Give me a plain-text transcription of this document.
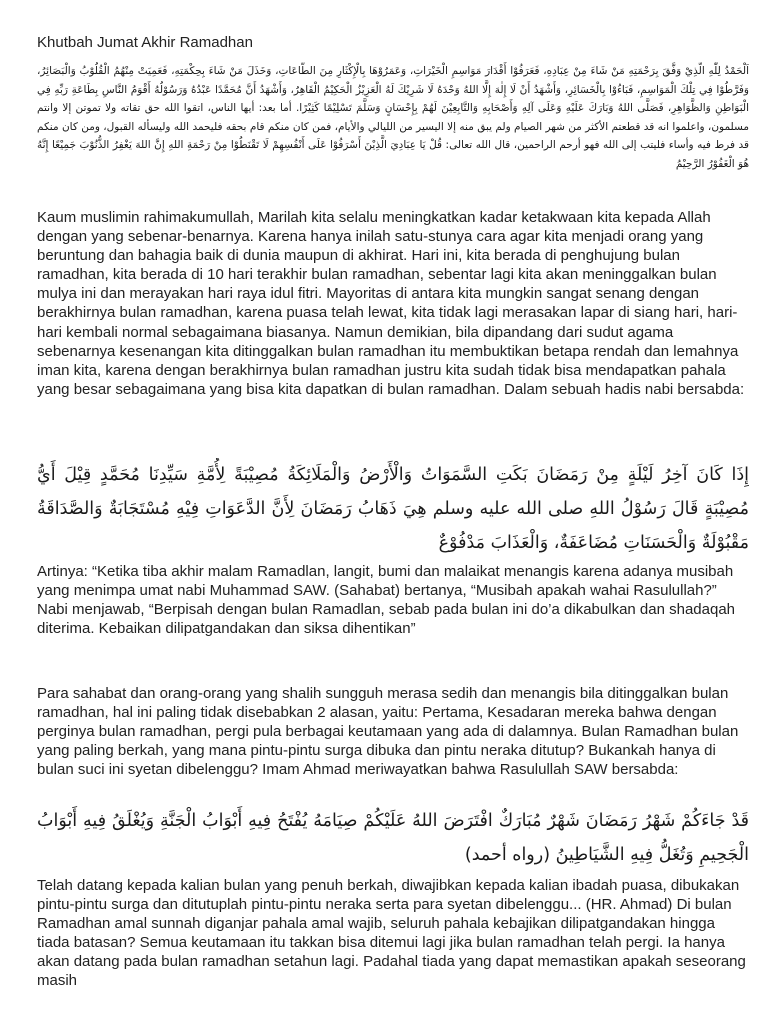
Khutbah Jumat Akhir Ramadhan
اَلْحَمْدُ لِلّٰهِ الَّذِيْ وَفَّقَ بِرَحْمَتِهِ مَنْ شَاءَ مِنْ عِبَادِهِ، فَعَرَفُوْا أَقْدَارَ مَوَاسِمِ الْخَيْرَاتِ، وَعَمَرُوْهَا بِالْإِكْثَارِ مِنَ الطَّاعَاتِ، وَخَذَلَ مَنْ شَاءَ بِحِكْمَتِهِ، فَعَمِيَتْ مِنْهُمُ الْقُلُوْبُ وَالْبَصَائِرُ، وَفَرَّطُوْا فِي تِلْكَ الْمَوَاسِمِ، فَبَاءُوْا بِالْخَسَائِرِ، وَأَشْهَدُ أَنْ لَا إِلٰهَ إِلَّا اللهُ وَحْدَهُ لَا شَرِيْكَ لَهُ الْعَزِيْزُ الْحَكِيْمُ الْقَاهِرُ، وَأَشْهَدُ أَنَّ مُحَمَّدًا عَبْدُهُ وَرَسُوْلُهُ أَقْوَمُ النَّاسِ بِطَاعَةِ رَبِّهِ فِي الْبَوَاطِنِ وَالظَّوَاهِرِ، فَصَلَّى اللهُ وَبَارَكَ عَلَيْهِ وَعَلَى آلِهِ وَأَصْحَابِهِ وَالتَّابِعِيْنَ لَهُمْ بِإِحْسَانٍ وَسَلَّمَ تَسْلِيْمًا كَثِيْرًا. أما بعد: أيها الناس، اتقوا الله حق تقاته ولا تموتن إلا وانتم مسلمون، واعلموا انه قد قطعتم الأكثر من شهر الصيام ولم يبق منه إلا اليسير من الليالي والأيام، فمن كان منكم قام بحقه فليحمد الله وليسأله القبول، ومن كان منكم قد فرط فيه وأساء فليتب إلى الله فهو أرحم الراحمين، قال الله تعالى: قُلْ يَا عِبَادِيَ الَّذِيْنَ أَسْرَفُوْا عَلَى أَنْفُسِهِمْ لَا تَقْنَطُوْا مِنْ رَحْمَةِ اللهِ إِنَّ اللهَ يَغْفِرُ الذُّنُوْبَ جَمِيْعًا إِنَّهُ هُوَ الْغَفُوْرُ الرَّحِيْمُ

Kaum muslimin rahimakumullah, Marilah kita selalu meningkatkan kadar ketakwaan kita kepada Allah dengan yang sebenar-benarnya. Karena hanya inilah satu-stunya cara agar kita menjadi orang yang beruntung dan bahagia baik di dunia maupun di akhirat. Hari ini, kita berada di penghujung bulan ramadhan, kita berada di 10 hari terakhir bulan ramadhan, sebentar lagi kita akan meninggalkan bulan mulya ini dan merayakan hari raya idul fitri. Mayoritas di antara kita mungkin sangat senang dengan berakhirnya bulan ramadhan, karena puasa telah lewat, kita tidak lagi merasakan lapar di siang hari, hari-hari kembali normal sebagaimana biasanya. Namun demikian, bila dipandang dari sudut agama sebenarnya kesenangan kita ditinggalkan bulan ramadhan itu membuktikan betapa rendah dan lemahnya iman kita, karena dengan berakhirnya bulan ramadhan justru kita sudah tidak bisa mendapatkan pahala yang besar sebagaimana yang bisa kita dapatkan di bulan ramadhan. Dalam sebuah hadis nabi bersabda:

إِذَا كَانَ آخِرُ لَيْلَةٍ مِنْ رَمَضَانَ بَكَتِ السَّمَوَاتُ وَالْأَرْضُ وَالْمَلَائِكَةُ مُصِيْبَةً لِأُمَّةِ سَيِّدِنَا مُحَمَّدٍ قِيْلَ أَيُّ مُصِيْبَةٍ قَالَ رَسُوْلُ اللهِ صلى الله عليه وسلم هِيَ ذَهَابُ رَمَضَانَ لِأَنَّ الدَّعَوَاتِ فِيْهِ مُسْتَجَابَةٌ وَالصَّدَاقَةُ مَقْبُوْلَةٌ وَالْحَسَنَاتِ مُضَاعَفَةٌ، وَالْعَذَابَ مَدْفُوْعٌ

Artinya: “Ketika tiba akhir malam Ramadlan, langit, bumi dan malaikat menangis karena adanya musibah yang menimpa umat nabi Muhammad SAW. (Sahabat) bertanya, “Musibah apakah wahai Rasulullah?” Nabi menjawab, “Berpisah dengan bulan Ramadlan, sebab pada bulan ini do’a dikabulkan dan shadaqah diterima. Kebaikan dilipatgandakan dan siksa dihentikan”

Para sahabat dan orang-orang yang shalih sungguh merasa sedih dan menangis bila ditinggalkan bulan ramadhan, hal ini paling tidak disebabkan 2 alasan, yaitu: Pertama, Kesadaran mereka bahwa dengan perginya bulan ramadhan, pergi pula berbagai keutamaan yang ada di dalamnya. Bulan Ramadhan bulan yang paling berkah, yang mana pintu-pintu surga dibuka dan pintu neraka ditutup? Bukankah hanya di bulan suci ini syetan dibelenggu? Imam Ahmad meriwayatkan bahwa Rasulullah SAW bersabda:

قَدْ جَاءَكُمْ شَهْرُ رَمَضَانَ شَهْرٌ مُبَارَكٌ افْتَرَضَ اللهُ عَلَيْكُمْ صِيَامَهُ يُفْتَحُ فِيهِ أَبْوَابُ الْجَنَّةِ وَيُغْلَقُ فِيهِ أَبْوَابُ الْجَحِيمِ وَتُغَلُّ فِيهِ الشَّيَاطِينُ (رواه أحمد)

Telah datang kepada kalian bulan yang penuh berkah, diwajibkan kepada kalian ibadah puasa, dibukakan pintu-pintu surga dan ditutuplah pintu-pintu neraka serta para syetan dibelenggu... (HR. Ahmad) Di bulan Ramadhan amal sunnah diganjar pahala amal wajib, seluruh pahala kebajikan dilipatgandakan hingga tiada batasan? Semua keutamaan itu takkan bisa ditemui lagi jika bulan ramadhan telah pergi. Ia hanya akan datang pada bulan ramadhan setahun lagi. Padahal tiada yang dapat memastikan apakah seseorang masih
